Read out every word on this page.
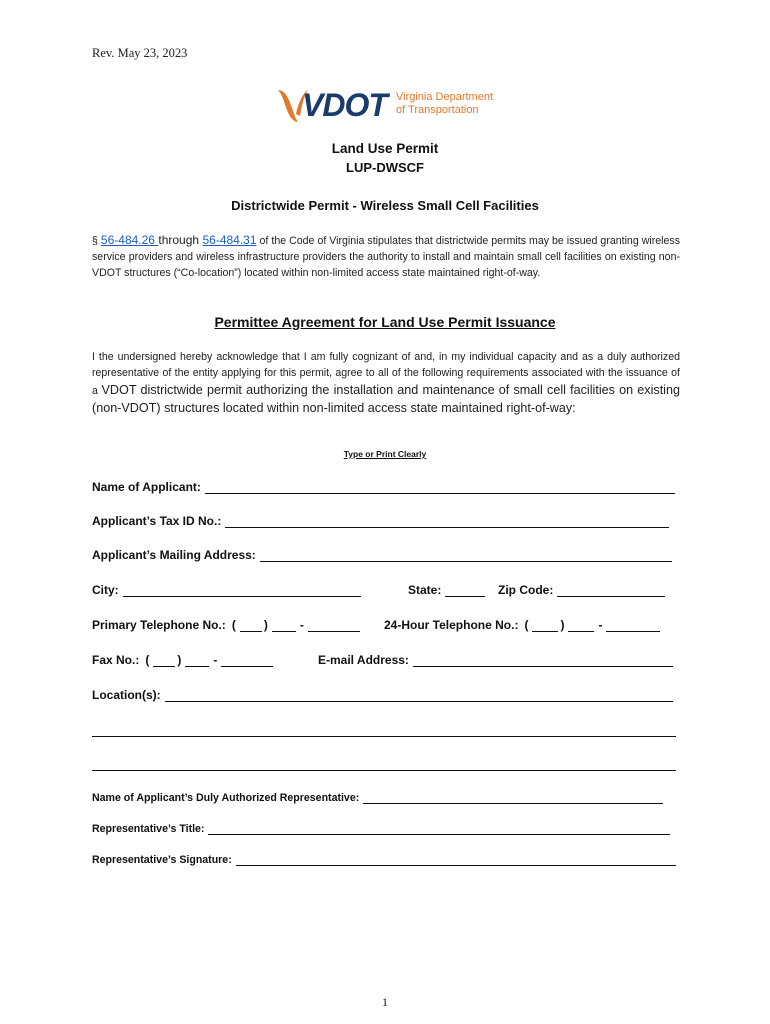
Rev. May 23, 2023
VDOT Virginia Department
of Transportation
Land Use Permit
LUP-DWSCF
Districtwide Permit - Wireless Small Cell Facilities
§ 56-484.26 through 56-484.31 of the Code of Virginia stipulates that districtwide permits may be issued granting wireless service providers and wireless infrastructure providers the authority to install and maintain small cell facilities on existing non-VDOT structures (“Co-location”) located within non-limited access state maintained right-of-way.
Permittee Agreement for Land Use Permit Issuance
I the undersigned hereby acknowledge that I am fully cognizant of and, in my individual capacity and as a duly authorized representative of the entity applying for this permit, agree to all of the following requirements associated with the issuance of a VDOT districtwide permit authorizing the installation and maintenance of small cell facilities on existing (non-VDOT) structures located within non-limited access state maintained right-of-way:
Type or Print Clearly
Name of Applicant:
Applicant’s Tax ID No.:
Applicant’s Mailing Address:
City:	State:	Zip Code:
Primary Telephone No.: ( )	-	24-Hour Telephone No.: (	)	-
Fax No.: ( )	-	E-mail Address:
Location(s):
Name of Applicant’s Duly Authorized Representative:
Representative’s Title:
Representative’s Signature:
1
